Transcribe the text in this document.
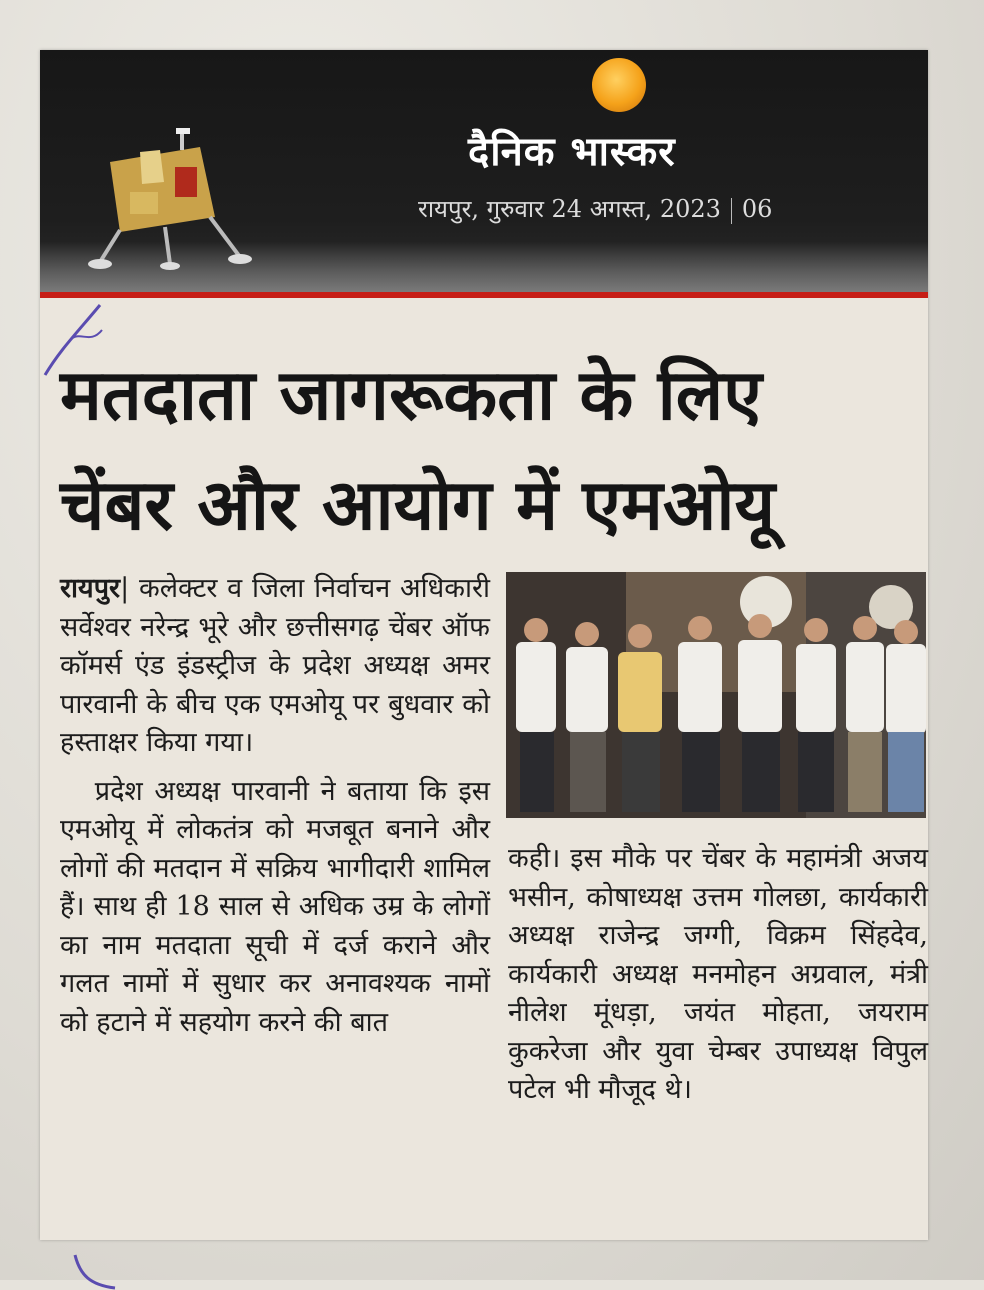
दैनिक भास्कर
रायपुर, गुरुवार 24 अगस्त, 2023 06
मतदाता जागरूकता के लिए
चेंबर और आयोग में एमओयू
रायपुर| कलेक्टर व जिला निर्वाचन अधिकारी सर्वेश्वर नरेन्द्र भूरे और छत्तीसगढ़ चेंबर ऑफ कॉमर्स एंड इंडस्ट्रीज के प्रदेश अध्यक्ष अमर पारवानी के बीच एक एमओयू पर बुधवार को हस्ताक्षर किया गया।
प्रदेश अध्यक्ष पारवानी ने बताया कि इस एमओयू में लोकतंत्र को मजबूत बनाने और लोगों की मतदान में सक्रिय भागीदारी शामिल हैं। साथ ही 18 साल से अधिक उम्र के लोगों का नाम मतदाता सूची में दर्ज कराने और गलत नामों में सुधार कर अनावश्यक नामों को हटाने में सहयोग करने की बात
कही। इस मौके पर चेंबर के महामंत्री अजय भसीन, कोषाध्यक्ष उत्तम गोलछा, कार्यकारी अध्यक्ष राजेन्द्र जग्गी, विक्रम सिंहदेव, कार्यकारी अध्यक्ष मनमोहन अग्रवाल, मंत्री नीलेश मूंधड़ा, जयंत मोहता, जयराम कुकरेजा और युवा चेम्बर उपाध्यक्ष विपुल पटेल भी मौजूद थे।
